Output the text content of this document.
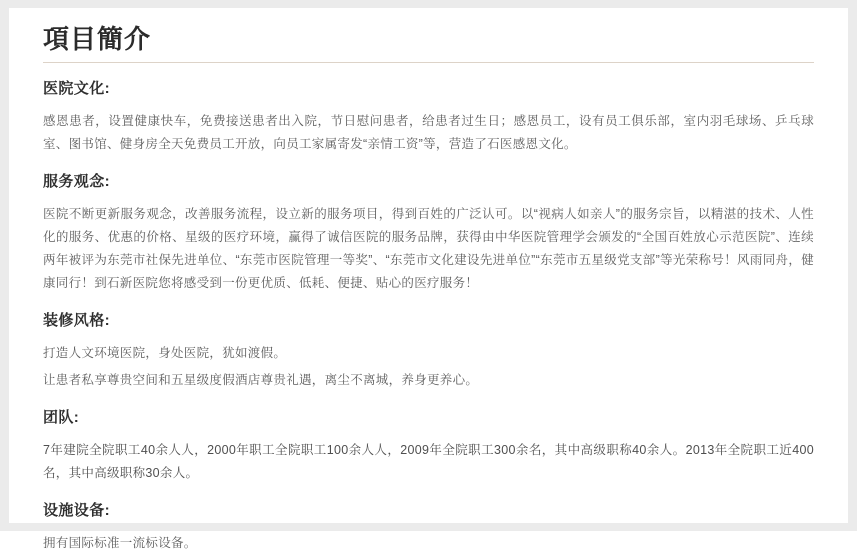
項目簡介
医院文化:

感恩患者，设置健康快车，免费接送患者出入院，节日慰问患者，给患者过生日；感恩员工，设有员工俱乐部，室内羽毛球场、乒乓球室、图书馆、健身房全天免费员工开放，向员工家属寄发“亲情工资”等，营造了石医感恩文化。

服务观念:

医院不断更新服务观念，改善服务流程，设立新的服务项目，得到百姓的广泛认可。以“视病人如亲人”的服务宗旨，以精湛的技术、人性化的服务、优惠的价格、星级的医疗环境，赢得了诚信医院的服务品牌，获得由中华医院管理学会颁发的“全国百姓放心示范医院”、连续两年被评为东莞市社保先进单位、“东莞市医院管理一等奖”、“东莞市文化建设先进单位”“东莞市五星级党支部”等光荣称号！风雨同舟，健康同行！到石新医院您将感受到一份更优质、低耗、便捷、贴心的医疗服务！

装修风格:

打造人文环境医院，身处医院，犹如渡假。

让患者私享尊贵空间和五星级度假酒店尊贵礼遇，离尘不离城，养身更养心。

团队:

7年建院全院职工40余人人，2000年职工全院职工100余人人，2009年全院职工300余名，其中高级职称40余人。2013年全院职工近400名，其中高级职称30余人。

设施设备:

拥有国际标准一流标设备。
